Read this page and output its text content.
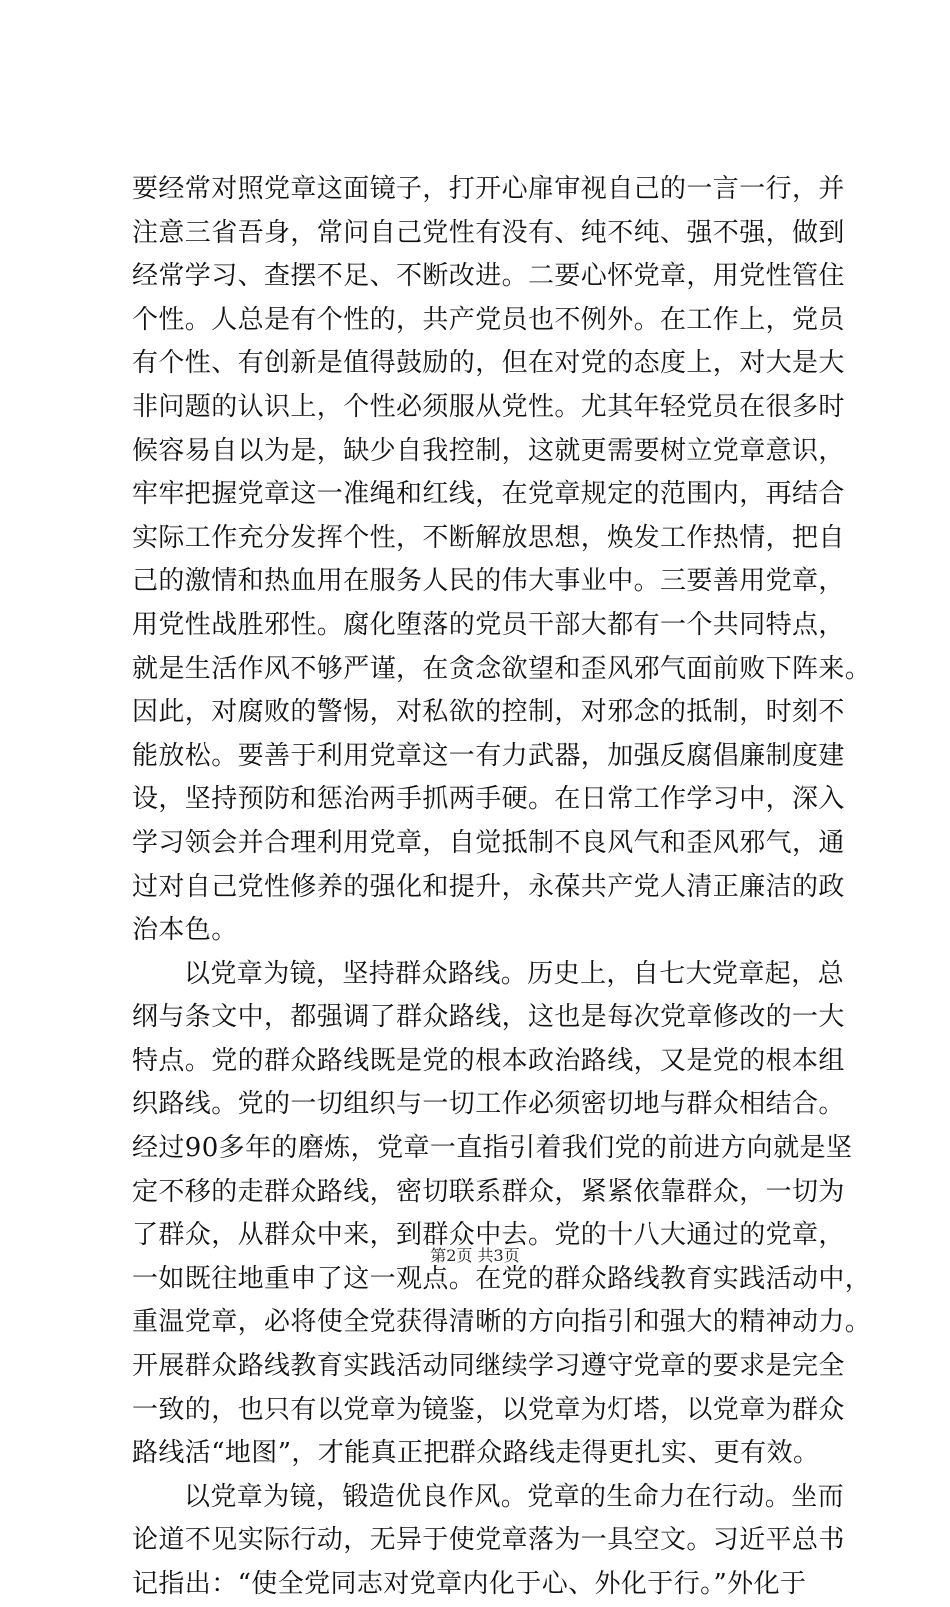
要经常对照党章这面镜子，打开心扉审视自己的一言一行，并
注意三省吾身，常问自己党性有没有、纯不纯、强不强，做到
经常学习、查摆不足、不断改进。二要心怀党章，用党性管住
个性。人总是有个性的，共产党员也不例外。在工作上，党员
有个性、有创新是值得鼓励的，但在对党的态度上，对大是大
非问题的认识上，个性必须服从党性。尤其年轻党员在很多时
候容易自以为是，缺少自我控制，这就更需要树立党章意识，
牢牢把握党章这一准绳和红线，在党章规定的范围内，再结合
实际工作充分发挥个性，不断解放思想，焕发工作热情，把自
己的激情和热血用在服务人民的伟大事业中。三要善用党章，
用党性战胜邪性。腐化堕落的党员干部大都有一个共同特点，
就是生活作风不够严谨，在贪念欲望和歪风邪气面前败下阵来。
因此，对腐败的警惕，对私欲的控制，对邪念的抵制，时刻不
能放松。要善于利用党章这一有力武器，加强反腐倡廉制度建
设，坚持预防和惩治两手抓两手硬。在日常工作学习中，深入
学习领会并合理利用党章，自觉抵制不良风气和歪风邪气，通
过对自己党性修养的强化和提升，永葆共产党人清正廉洁的政
治本色。
以党章为镜，坚持群众路线。历史上，自七大党章起，总
纲与条文中，都强调了群众路线，这也是每次党章修改的一大
特点。党的群众路线既是党的根本政治路线，又是党的根本组
织路线。党的一切组织与一切工作必须密切地与群众相结合。
经过90多年的磨炼，党章一直指引着我们党的前进方向就是坚
定不移的走群众路线，密切联系群众，紧紧依靠群众，一切为
了群众，从群众中来，到群众中去。党的十八大通过的党章，
一如既往地重申了这一观点。在党的群众路线教育实践活动中，
重温党章，必将使全党获得清晰的方向指引和强大的精神动力。
开展群众路线教育实践活动同继续学习遵守党章的要求是完全
一致的，也只有以党章为镜鉴，以党章为灯塔，以党章为群众
路线活“地图”，才能真正把群众路线走得更扎实、更有效。
以党章为镜，锻造优良作风。党章的生命力在行动。坐而
论道不见实际行动，无异于使党章落为一具空文。习近平总书
记指出：“使全党同志对党章内化于心、外化于行。”外化于
第2页 共3页
